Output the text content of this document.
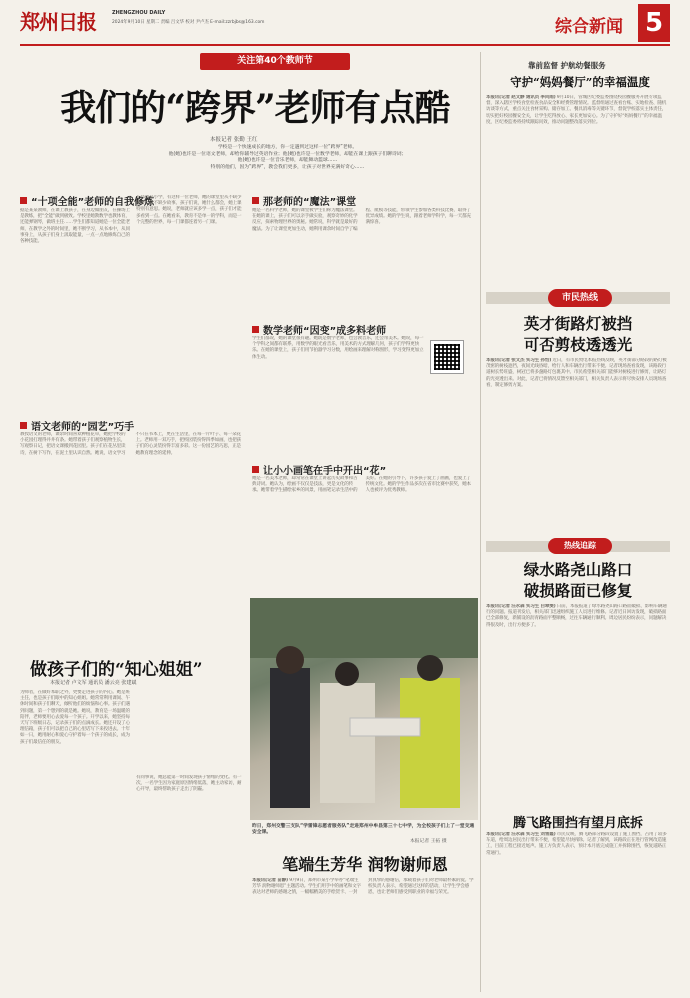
郑州日报	ZHENGZHOU DAILY
2024年9月10日 星期二 责编 吕文华 校对 尹卢杰 E-mail:zzrbjbs@163.com	综合新闻 5
关注第40个教师节
我们的“跨界”老师有点酷
本报记者 张勤 王红
学校是一个快速成长的地方，你一定遇到过这样一位“跨界”老师。
他(她)也许是一位语文老师，却给你辅导过英语作业；他(她)也许是一位数学老师，却能在课上跟孩子们聊诗词；
他(她)也许是一位音乐老师，却能舞动篮球……
特别的他们，因为“跨界”，教会我们更多，让孩子对世界充满好奇心……
“十项全能”老师的自我修炼
据是某某教师，在课上教孩子，在身边做朋友，在操场上是教练，把“全能”做到极致。学校里她教数学也教体育，还能弹钢琴，做班主任……学生们都知道她是一位全能老师，在教学之外的时间里，她不断学习，从书本中，从同事身上，从孩子们身上汲取能量，一点一点地修炼自己的各种技能。
在郑州某小学，有这样一位老师，她的课堂里从不缺少欢笑，从不缺少故事。孩子们说，她什么都会，她上课特别有意思。她说，老师就应该多学一点，孩子们才能多看到一点。在她看来，教育不是单一的学科，而是一个完整的世界，每一门课都连着另一门课。
语文老师的“园艺”巧手
教授语文的老师，课余时间喜欢种植花草，她把学校的小花园打理得井井有条。她带着孩子们观察植物生长，写观察日记，把语文课搬到花园里。孩子们在花丛里读诗，在树下写作，在泥土里认识自然。她说，语文学习不只在书本上，更在生活里，在每一片叶子、每一朵花上。老师用一双巧手，把校园装扮得四季如画，也把孩子们的心灵装扮得丰富多彩。这一份园艺的巧思，正是她教育理念的延伸。
做孩子们的“知心姐姐”
本报记者 卢文军 通讯员 潘云亮 张建斌
为师者，在做好本职之外，更要走进孩子的内心。她是班主任，也是孩子们眼中的知心姐姐。她常常利用课间、午休时间和孩子们聊天，倾听他们的烦恼和心事。孩子们遇到问题，第一个想到的就是她。她说，教育是一场温暖的陪伴，老师要用心去爱每一个孩子。开学以来，她坚持每天写下班级日志，记录孩子们的点滴成长。她还开设了心理信箱，孩子们可以把自己的心里话写下来投进去。十年如一日，她用耐心和爱心守护着每一个孩子的成长，成为孩子们最信任的朋友。
有同事说，她总能第一时间发现孩子情绪的变化。有一次，一名学生因为家庭原因情绪低落，她主动家访，耐心开导，最终帮助孩子走出了阴霾。
那老师的“魔法”课堂
她是一名科学老师，她的课堂被学生们称为魔法课堂。在她的课上，孩子们可以亲手做实验，观察奇妙的化学反应，探索物理世界的奥秘。她常说，科学就是最好的魔法。为了让课堂更加生动，她利用课余时间自学了编程、航模等技能，带领学生参加各类科技比赛，取得了优异成绩。她的学生说，跟着老师学科学，每一天都充满惊喜。
数学老师“因变”成多料老师
学生们都说，她的课堂很有趣。她既是数学老师，也会教音乐，还会带美术。她说，每一个学科之间都有联系，用数学的眼光看音乐，用美术的方式理解几何，孩子们学得更快乐。在她的课堂上，孩子们用节拍器学习分数，用绘画来理解对称图形，学习变得更加立体生动。
让小小画笔在手中开出“花”
她是一名美术老师，却常常在课堂上讲起历史故事和古典诗词。她认为，绘画不仅仅是技法，更是文化的传承。她带着学生描绘家乡的风景，用画笔记录生活中的美好。在她的引导下，许多孩子爱上了画画，也爱上了传统文化。她的学生作品多次在省市比赛中获奖，她本人也被评为优秀教师。
昨日，郑州交警三支队“学雷锋志愿者服务队”走进郑州中牟县第三十七中学，为全校孩子们上了一堂交通安全课。
本报记者 王拓 摄
笔端生芳华 润物谢师恩
本报讯(记者 苗静) 9月9日，郑州市某小学举办“笔端生芳华 润物谢师恩”主题活动。学生们用手中的画笔和文字表达对老师的感谢之情，一幅幅精美的手绘贺卡、一封封真挚的感谢信，承载着孩子们对老师最朴素的爱。学校负责人表示，希望通过这样的活动，让学生学会感恩，也让老师们感受到职业的幸福与荣光。
靠前监督 护航幼餐服务
守护“妈妈餐厅”的幸福温度
本报讯(记者 赵文静 通讯员 李问雨) 9月10日，管城区纪委监委围绕校园餐服务开展专项监督，深入辖区学校食堂检查食品安全和经费管理情况。监督组通过查看台账、实地检查、随机访谈等方式，重点关注食材采购、储存加工、餐具消毒等关键环节，督促学校落实主体责任，切实把好校园餐安全关，让学生吃得放心、家长更加安心。为了守护好“妈妈餐厅”的幸福温度，区纪委监委将持续跟踪问效，推动问题整改落实到位。
市民热线
英才街路灯被挡
可否剪枝透透光
本报讯(记者 张文杰 实习生 孙怡) 近日，有市民致电本报热线反映，英才街部分路段的路灯被茂密的树枝遮挡，夜间光线昏暗，给行人和车辆出行带来不便。记者现场查看发现，该路段行道树长势旺盛，树冠已将多盏路灯包裹其中。市民希望相关部门能够对树枝进行修剪，让路灯的光亮透出来。对此，记者已将情况反馈至相关部门，相关负责人表示将尽快安排人员现场查看，制定修剪方案。
热线追踪
绿水路尧山路口
破损路面已修复
本报讯(记者 汪永森 实习生 白翠雯) 日前，本报报道了绿水路尧山路口路面破损、影响车辆通行的问题。报道刊发后，相关部门迅速组织施工人员进行维修。记者近日回访发现，破损路面已全部修复，新铺设的沥青路面平整顺畅，过往车辆通行顺利。周边居民纷纷表示，问题解决得很及时，出行方便多了。
腾飞路围挡有望月底拆
本报讯(记者 汪永森 实习生 刘雪霞) 市民反映，腾飞路部分路段设置了施工围挡，占用了较多车道，给周边居民出行带来不便，希望能尽快拆除。记者了解到，该路段正在进行管网改造施工，目前工程已接近尾声。施工方负责人表示，预计本月底完成施工并拆除围挡，恢复道路正常通行。
